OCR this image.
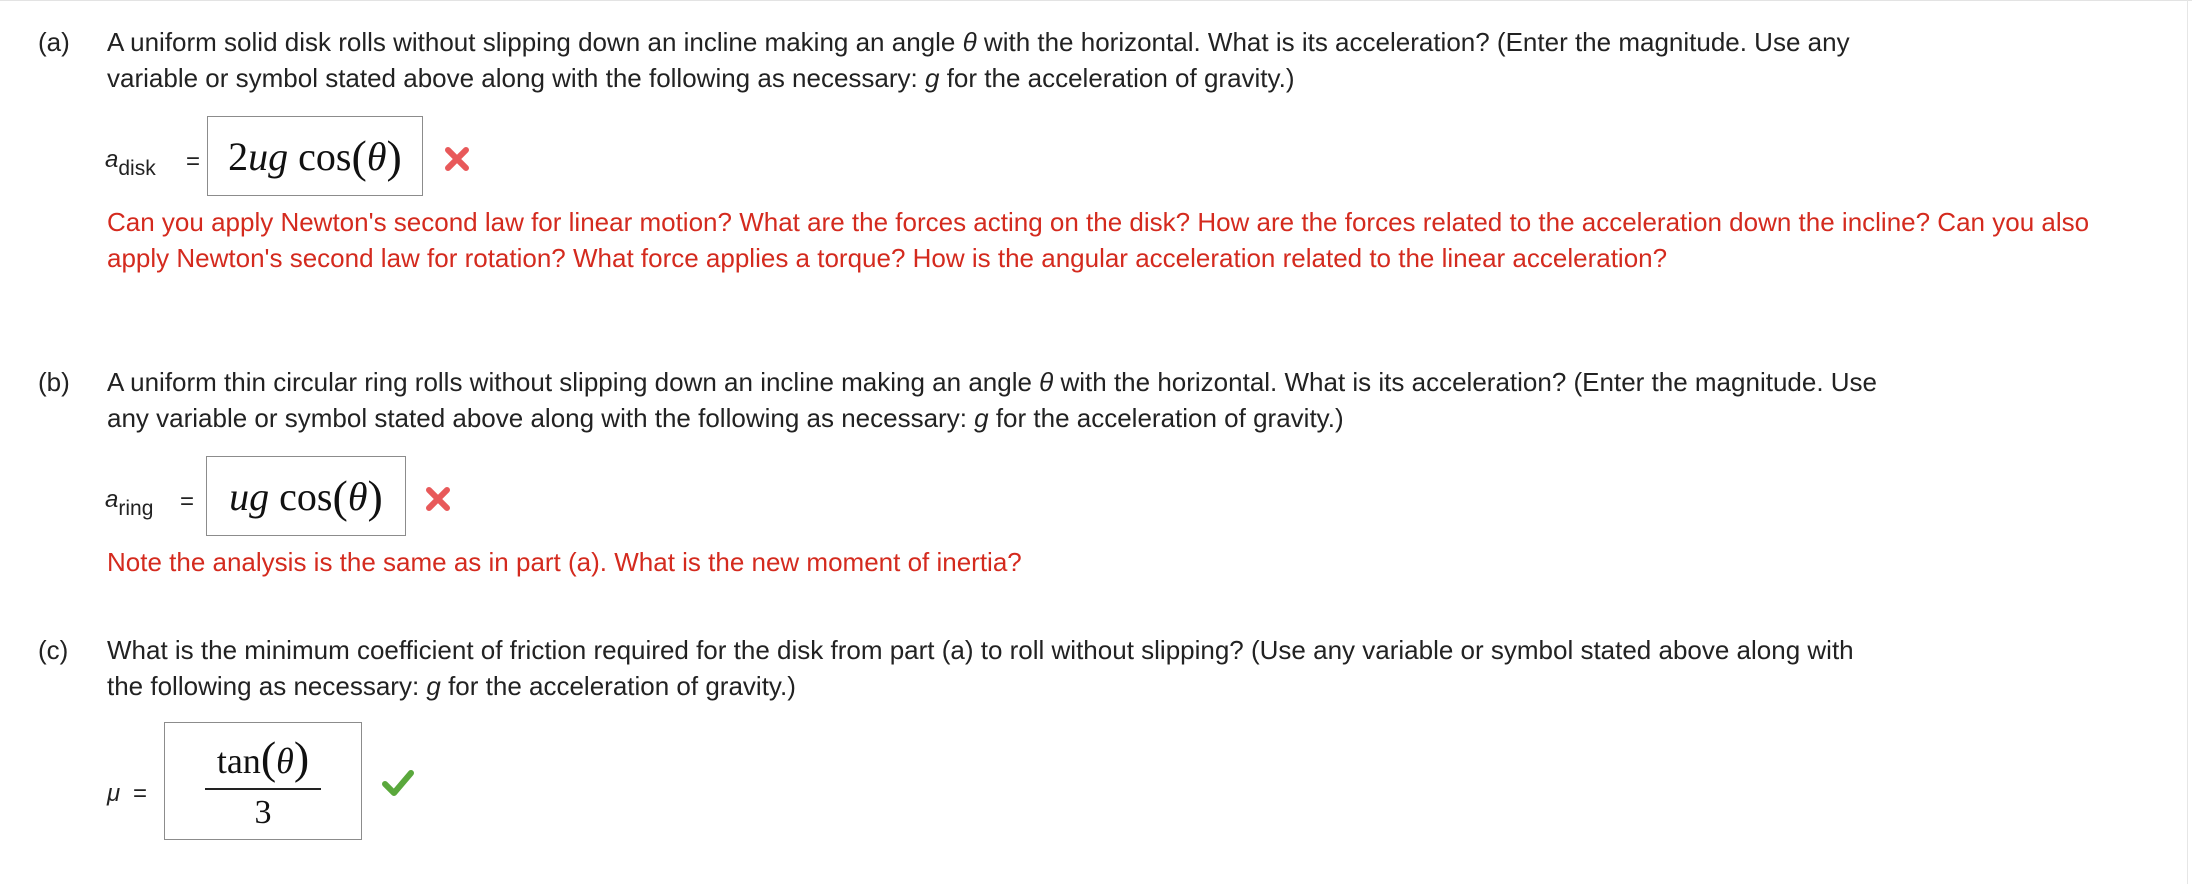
(a) A uniform solid disk rolls without slipping down an incline making an angle θ with the horizontal. What is its acceleration? (Enter the magnitude. Use any
variable or symbol stated above along with the following as necessary: g for the acceleration of gravity.)
adisk = 2 ug
cos ( θ )
Can you apply Newton's second law for linear motion? What are the forces acting on the disk? How are the forces related to the acceleration down the incline? Can you also apply Newton's second law for rotation? What force applies a torque? How is the angular acceleration related to the linear acceleration?
(b) A uniform thin circular ring rolls without slipping down an incline making an angle θ with the horizontal. What is its acceleration? (Enter the magnitude. Use
any variable or symbol stated above along with the following as necessary: g for the acceleration of gravity.)
aring = ug
cos ( θ )
Note the analysis is the same as in part (a). What is the new moment of inertia?
(c) What is the minimum coefficient of friction required for the disk from part (a) to roll without slipping? (Use any variable or symbol stated above along with
the following as necessary: g for the acceleration of gravity.)
$\mu = \frac{\tan(\theta)}{3}$
